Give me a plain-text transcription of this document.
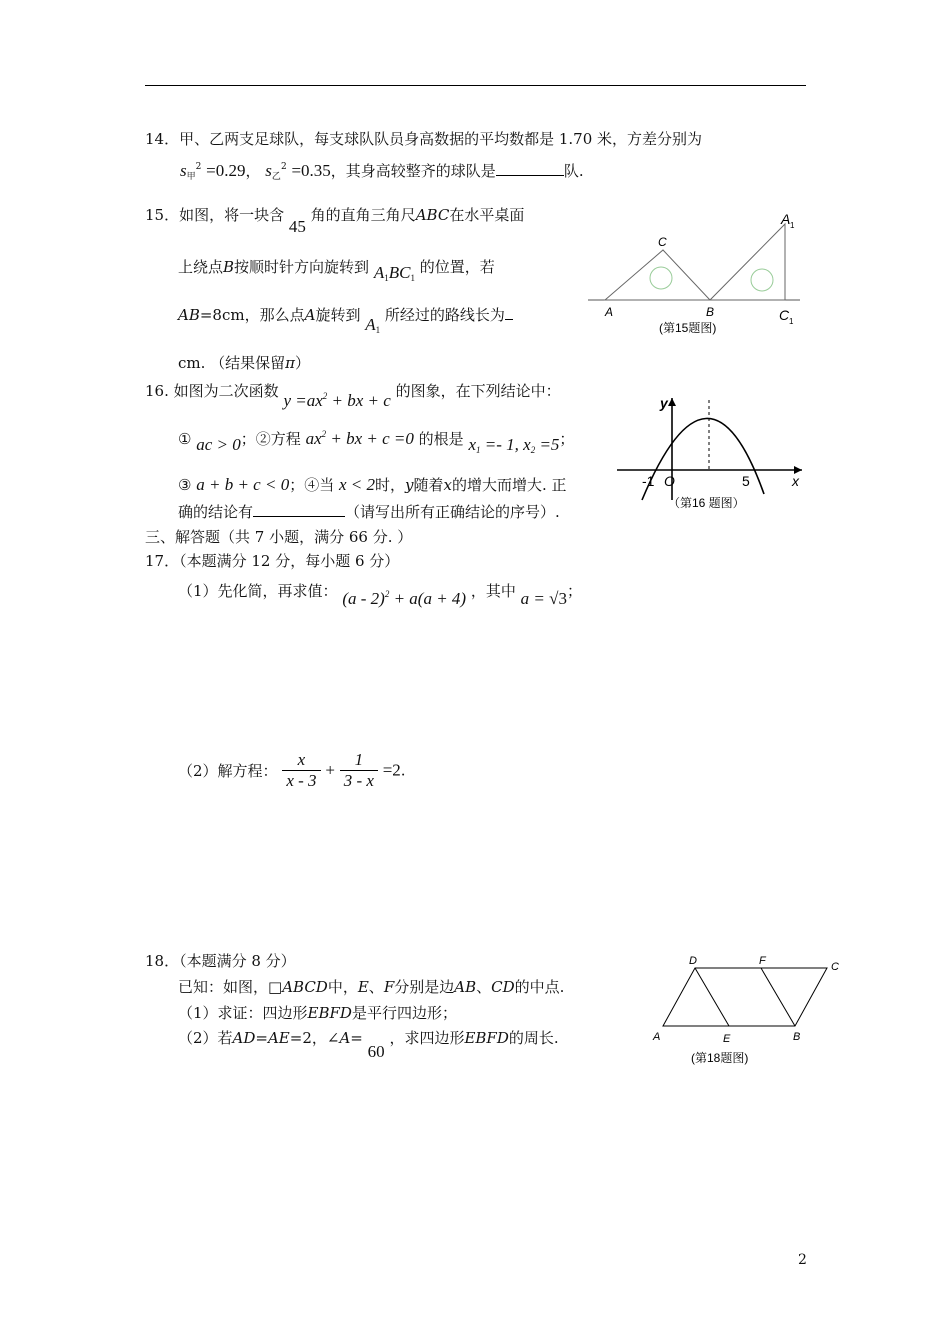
14．甲、乙两支足球队，每支球队队员身高数据的平均数都是 1.70 米，方差分别为
$s_甲^2 =0.29$， $s_乙^2 =0.35$，其身高较整齐的球队是	队.
15．如图，将一块含 45 角的直角三角尺ABC在水平桌面
上绕点B按顺时针方向旋转到 $A_1BC_1$ 的位置，若
AB=8cm，那么点A旋转到 $A_1$ 所经过的路线长为
cm. （结果保留π）
C
A	B
A 1
C 1
(第15题图)
16. 如图为二次函数 $y =ax^2$ + bx + c 的图象，在下列结论中：
① ac > 0；②方程 $ax^2$ + bx + c =0 的根是 $x_1 =- 1$, $x_2 =5$；
③ a + b + c < 0；④当 x < 2时，y随着x的增大而增大. 正
确的结论有	（请写出所有正确结论的序号）.
y
x
-1 O	5
（第16 题图）
三、解答题（共 7 小题，满分 66 分. ）
17．（本题满分 12 分，每小题 6 分）
（1）先化简，再求值： (a - 2)$^2$ + a(a + 4) ，其中 a = √3；
（2）解方程： $\frac{x}{x - 3} + \frac{1}{3 - x} =2$.
18．（本题满分 8 分）
已知：如图，□ABCD中，E、F分别是边AB、CD的中点.
（1）求证：四边形EBFD是平行四边形；
（2）若AD=AE=2，∠A= 60 ，求四边形EBFD的周长.
D	F	C
A	E	B
(第18题图)
2
